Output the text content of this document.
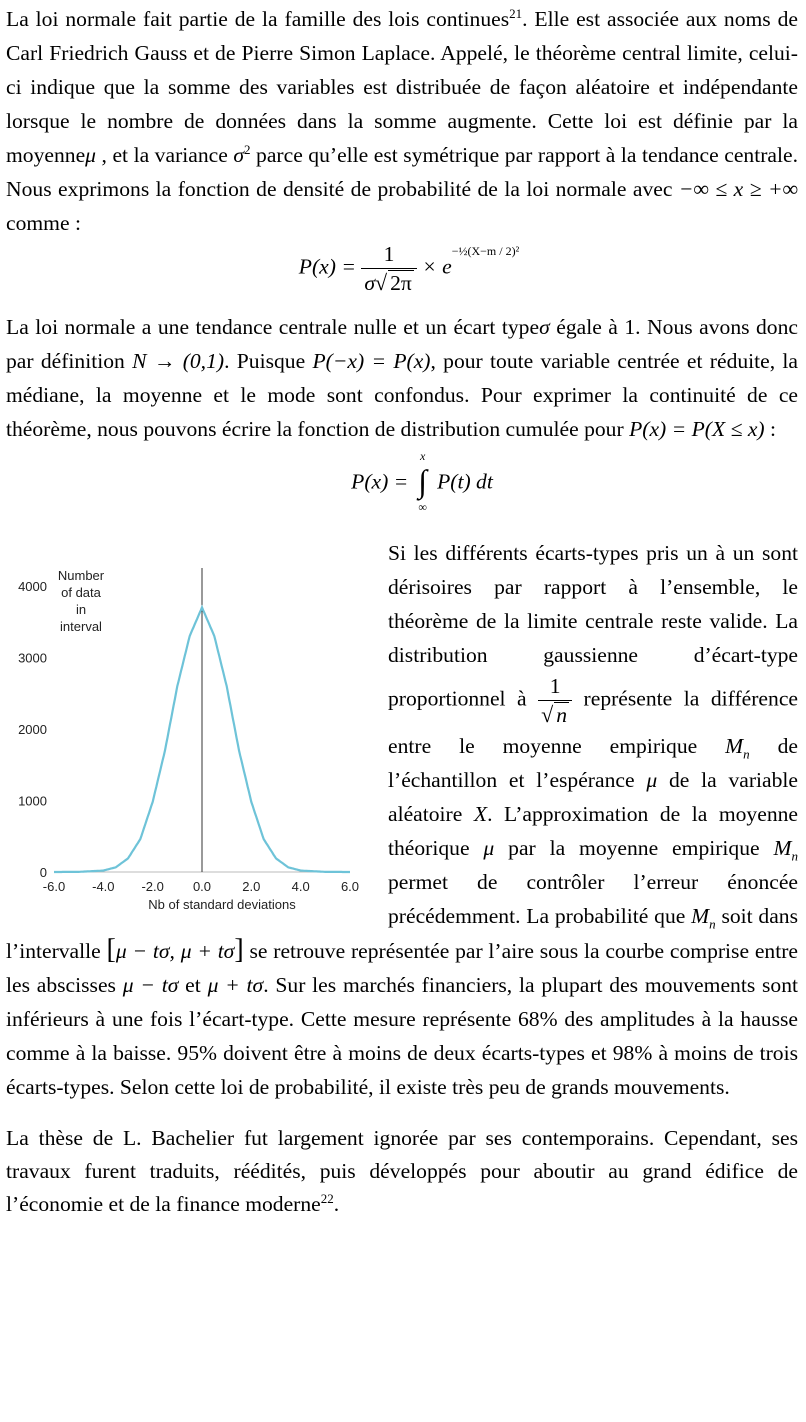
La loi normale fait partie de la famille des lois continues$^{21}$. Elle est associée aux noms de Carl Friedrich Gauss et de Pierre Simon Laplace. Appelé, le théorème central limite, celui-ci indique que la somme des variables est distribuée de façon aléatoire et indépendante lorsque le nombre de données dans la somme augmente. Cette loi est définie par la moyenneμ , et la variance $\sigma^2$ parce qu’elle est symétrique par rapport à la tendance centrale. Nous exprimons la fonction de densité de probabilité de la loi normale avec −∞ ≤ x ≥ +∞ comme :

$P(x) = \frac{1}{\sigma√ 2\pi} \times e^{-\frac{1}{2}(X-m / 2)^2}$

La loi normale a une tendance centrale nulle et un écart typeσ égale à 1. Nous avons donc par définition N → (0,1). Puisque P(−x) = P(x), pour toute variable centrée et réduite, la médiane, la moyenne et le mode sont confondus. Pour exprimer la continuité de ce théorème, nous pouvons écrire la fonction de distribution cumulée pour P(x) = P(X ≤ x) :

P(x) =
x
∫
∞
P(t) dt
0
1000
2000
3000
4000
-6.0 -4.0 -2.0 0.0 2.0 4.0 6.0
Nb of standard deviations
Number
of data
in
interval

Si les différents écarts-types pris un à un sont dérisoires par rapport à l’ensemble, le théorème de la limite centrale reste valide. La distribution gaussienne d’écart-type proportionnel à $\frac{1}{√ n}$ représente la différence entre le moyenne empirique $M_n$ de l’échantillon et l’espérance μ de la variable aléatoire X. L’approximation de la moyenne théorique μ par la moyenne empirique $M_n$ permet de contrôler l’erreur énoncée précédemment. La probabilité que $M_n$ soit dans l’intervalle [μ − tσ, μ + tσ] se retrouve représentée par l’aire sous la courbe comprise entre les abscisses μ − tσ et μ + tσ. Sur les marchés financiers, la plupart des mouvements sont inférieurs à une fois l’écart-type. Cette mesure représente 68% des amplitudes à la hausse comme à la baisse. 95% doivent être à moins de deux écarts-types et 98% à moins de trois écarts-types. Selon cette loi de probabilité, il existe très peu de grands mouvements.

La thèse de L. Bachelier fut largement ignorée par ses contemporains. Cependant, ses travaux furent traduits, réédités, puis développés pour aboutir au grand édifice de l’économie et de la finance moderne$^{22}$.
